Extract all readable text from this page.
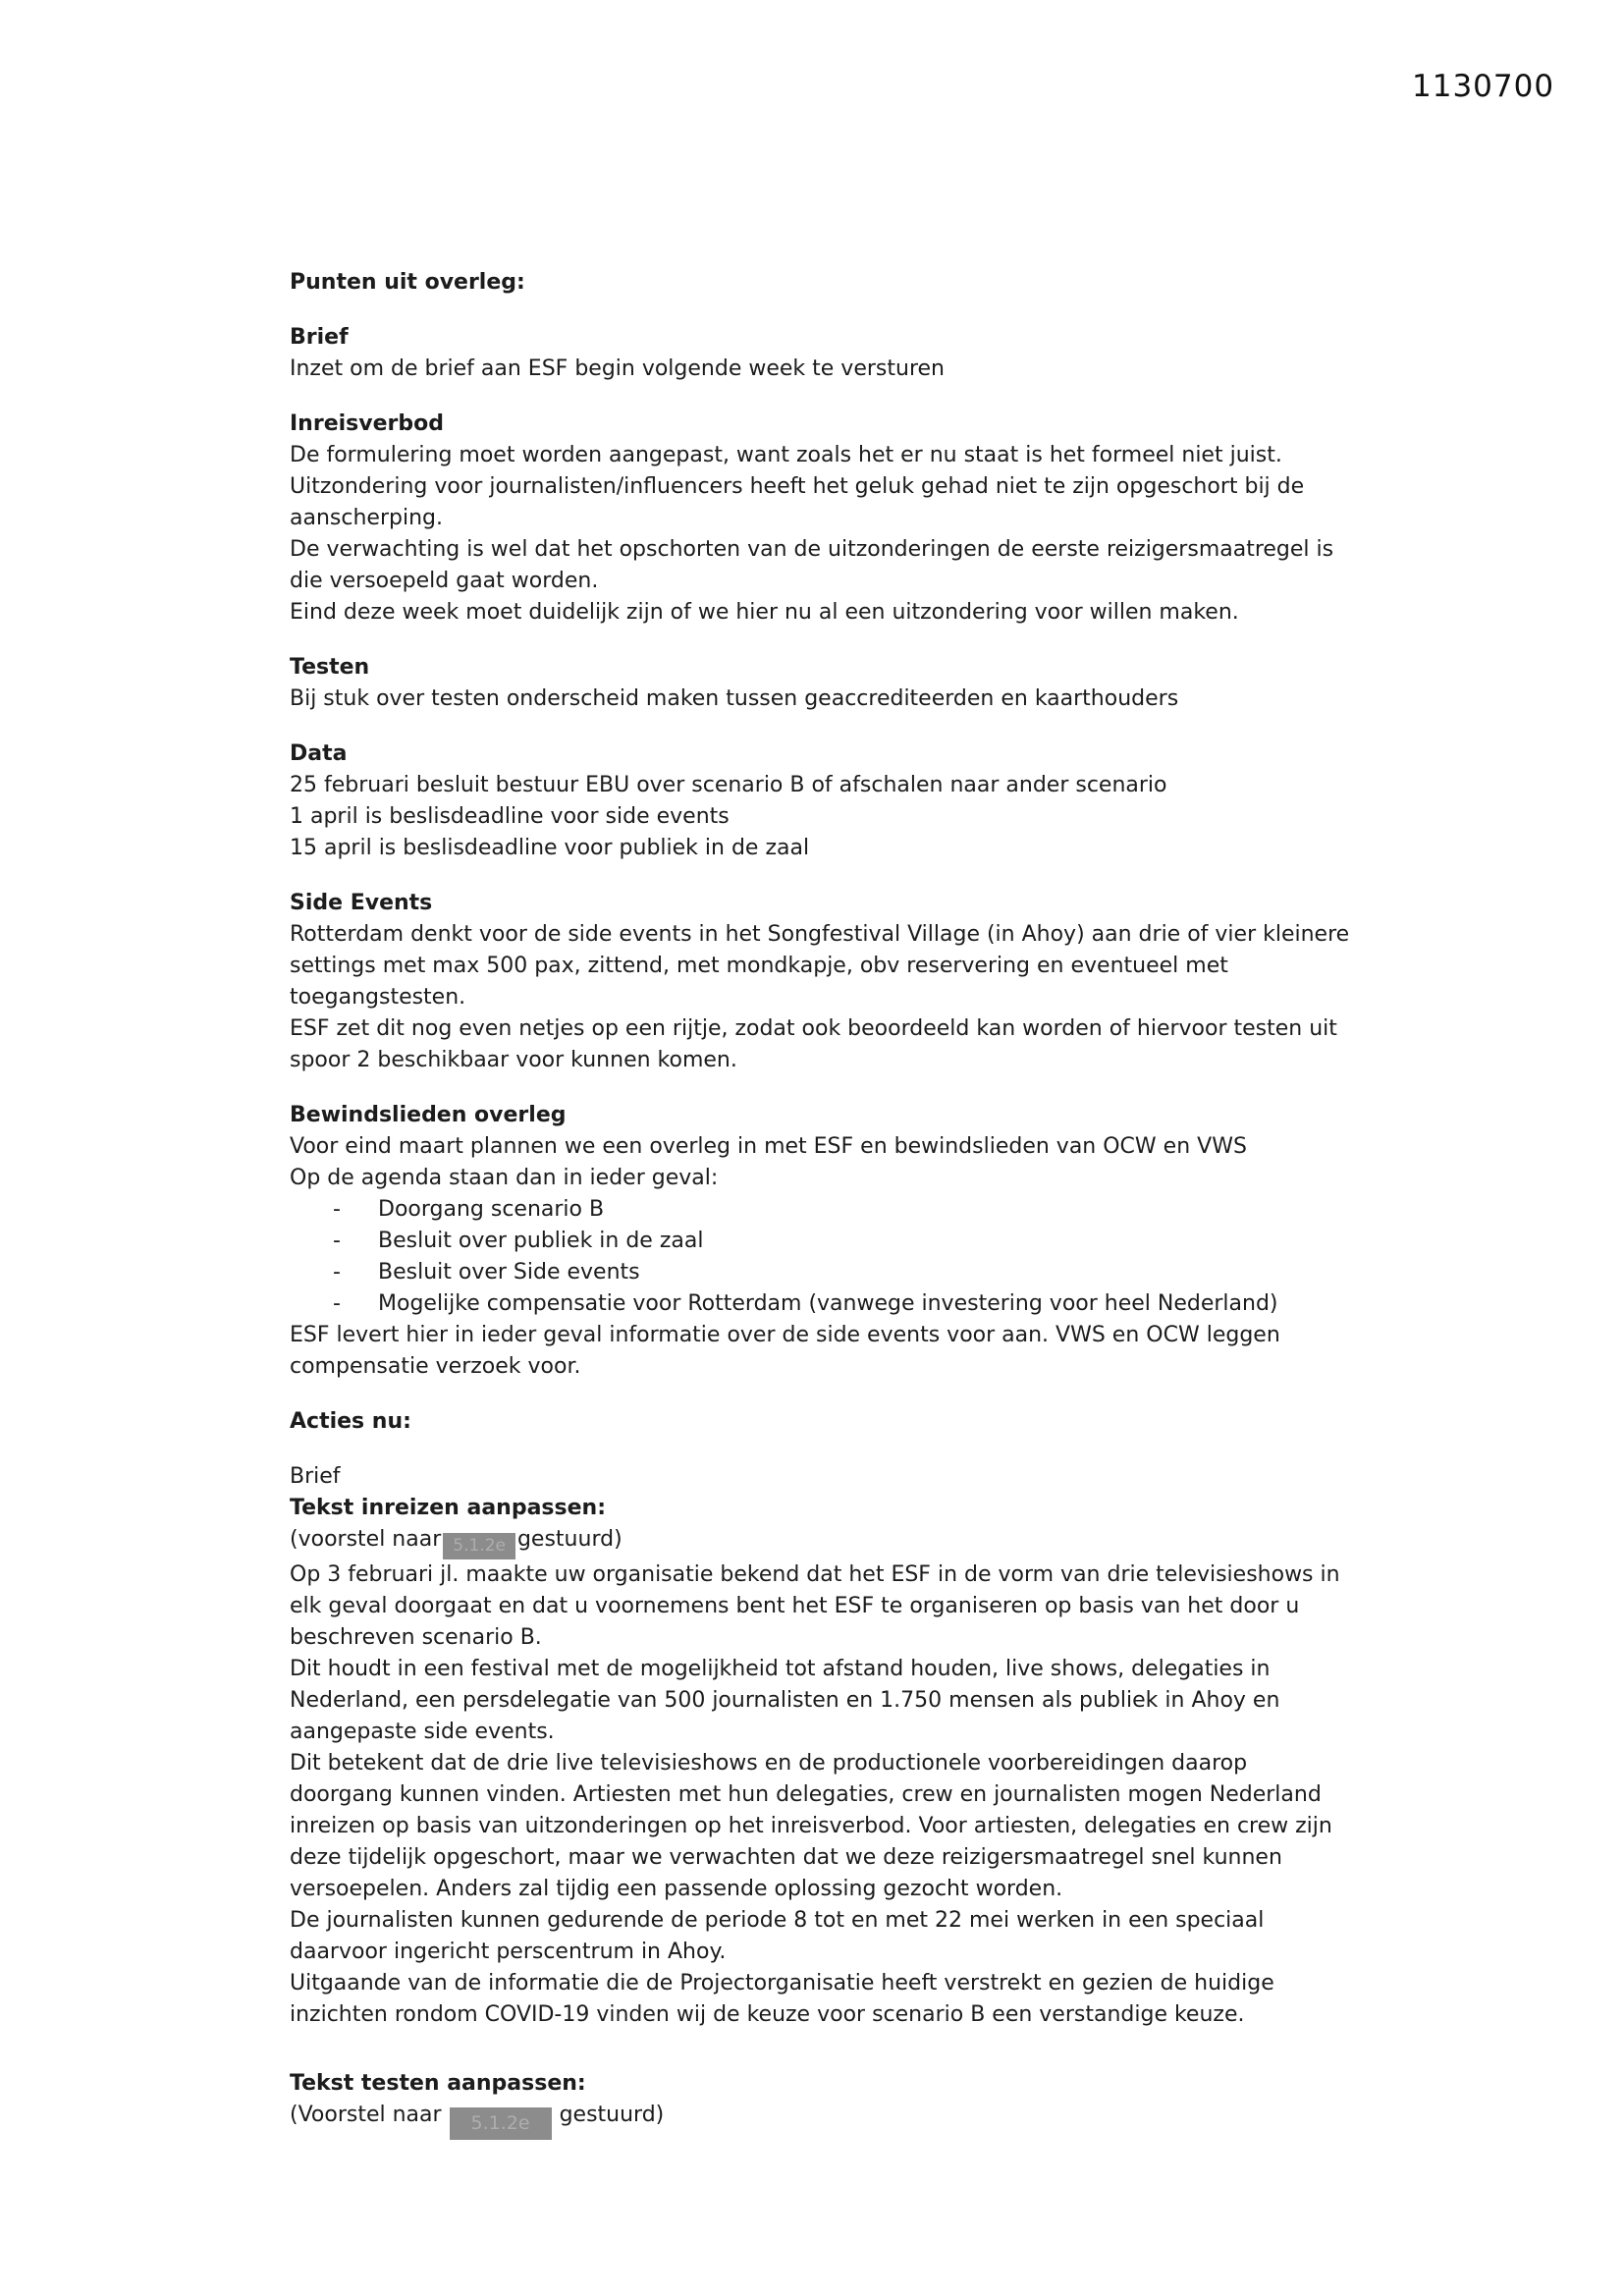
1130700
Punten uit overleg:
Brief

Inzet om de brief aan ESF begin volgende week te versturen

Inreisverbod

De formulering moet worden aangepast, want zoals het er nu staat is het formeel niet juist. Uitzondering voor journalisten/influencers heeft het geluk gehad niet te zijn opgeschort bij de aanscherping.

De verwachting is wel dat het opschorten van de uitzonderingen de eerste reizigersmaatregel is die versoepeld gaat worden.

Eind deze week moet duidelijk zijn of we hier nu al een uitzondering voor willen maken.

Testen

Bij stuk over testen onderscheid maken tussen geaccrediteerden en kaarthouders

Data

25 februari besluit bestuur EBU over scenario B of afschalen naar ander scenario

1 april is beslisdeadline voor side events

15 april is beslisdeadline voor publiek in de zaal

Side Events

Rotterdam denkt voor de side events in het Songfestival Village (in Ahoy) aan drie of vier kleinere settings met max 500 pax, zittend, met mondkapje, obv reservering en eventueel met toegangstesten.

ESF zet dit nog even netjes op een rijtje, zodat ook beoordeeld kan worden of hiervoor testen uit spoor 2 beschikbaar voor kunnen komen.

Bewindslieden overleg

Voor eind maart plannen we een overleg in met ESF en bewindslieden van OCW en VWS

Op de agenda staan dan in ieder geval:

-	Doorgang scenario B
-	Besluit over publiek in de zaal
-	Besluit over Side events
-	Mogelijke compensatie voor Rotterdam (vanwege investering voor heel Nederland)

ESF levert hier in ieder geval informatie over de side events voor aan. VWS en OCW leggen compensatie verzoek voor.

Acties nu:

Brief

Tekst inreizen aanpassen:

(voorstel naar 5.1.2e gestuurd)

Op 3 februari jl. maakte uw organisatie bekend dat het ESF in de vorm van drie televisieshows in elk geval doorgaat en dat u voornemens bent het ESF te organiseren op basis van het door u beschreven scenario B.

Dit houdt in een festival met de mogelijkheid tot afstand houden, live shows, delegaties in Nederland, een persdelegatie van 500 journalisten en 1.750 mensen als publiek in Ahoy en aangepaste side events.

Dit betekent dat de drie live televisieshows en de productionele voorbereidingen daarop doorgang kunnen vinden. Artiesten met hun delegaties, crew en journalisten mogen Nederland inreizen op basis van uitzonderingen op het inreisverbod. Voor artiesten, delegaties en crew zijn deze tijdelijk opgeschort, maar we verwachten dat we deze reizigersmaatregel snel kunnen versoepelen. Anders zal tijdig een passende oplossing gezocht worden.

De journalisten kunnen gedurende de periode 8 tot en met 22 mei werken in een speciaal daarvoor ingericht perscentrum in Ahoy.

Uitgaande van de informatie die de Projectorganisatie heeft verstrekt en gezien de huidige inzichten rondom COVID-19 vinden wij de keuze voor scenario B een verstandige keuze.

Tekst testen aanpassen:

(Voorstel naar 5.1.2e gestuurd)
